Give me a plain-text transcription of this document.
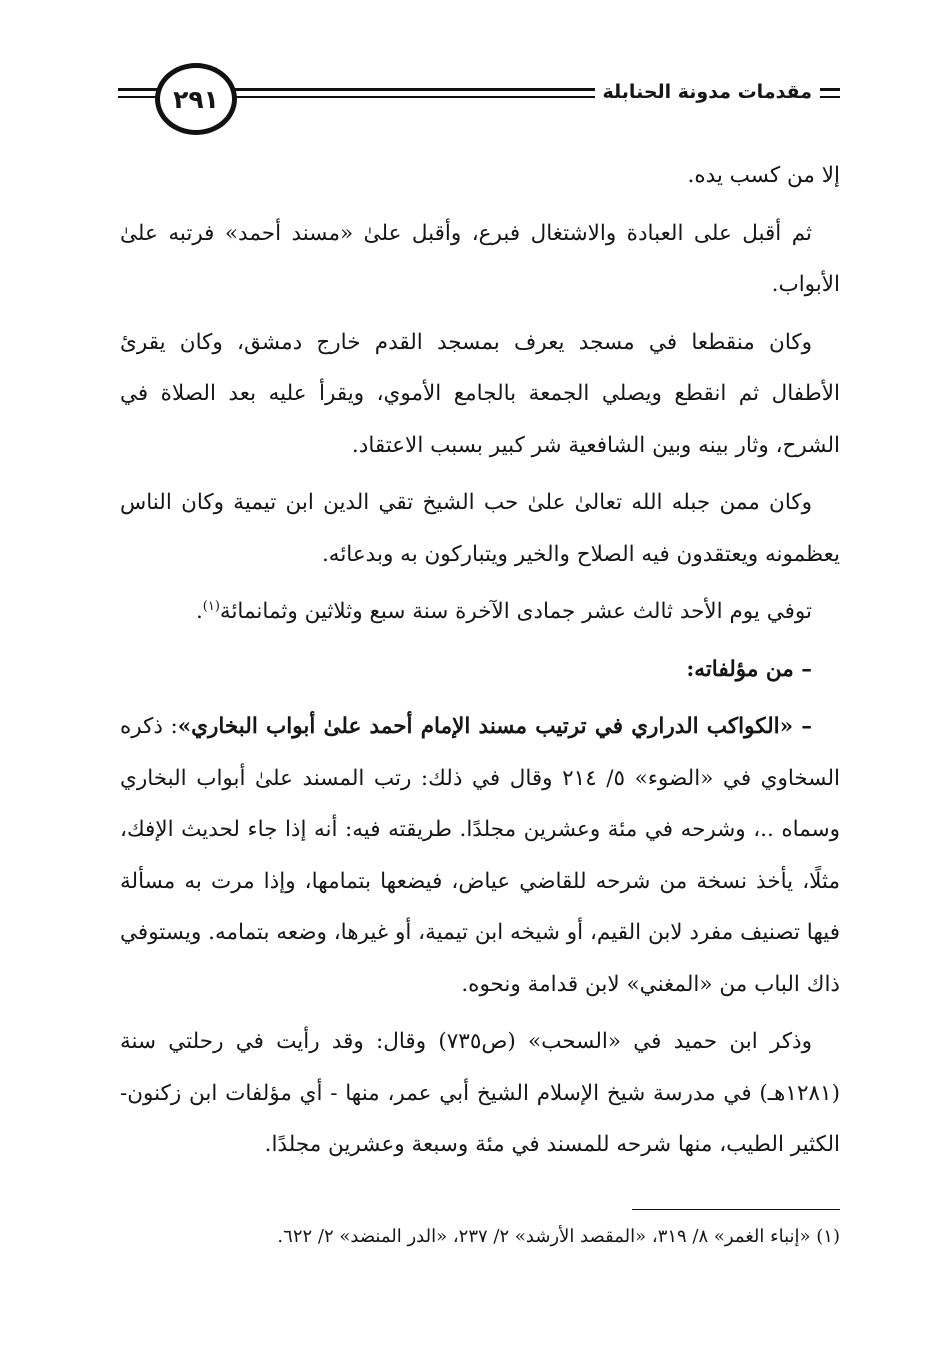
٢٩١	مقدمات مدونة الحنابلة

إلا من كسب يده.

ثم أقبل على العبادة والاشتغال فبرع، وأقبل علىٰ «مسند أحمد» فرتبه علىٰ الأبواب.

وكان منقطعا في مسجد يعرف بمسجد القدم خارج دمشق، وكان يقرئ الأطفال ثم انقطع ويصلي الجمعة بالجامع الأموي، ويقرأ عليه بعد الصلاة في الشرح، وثار بينه وبين الشافعية شر كبير بسبب الاعتقاد.

وكان ممن جبله الله تعالىٰ علىٰ حب الشيخ تقي الدين ابن تيمية وكان الناس يعظمونه ويعتقدون فيه الصلاح والخير ويتباركون به وبدعائه.

توفي يوم الأحد ثالث عشر جمادى الآخرة سنة سبع وثلاثين وثمانمائة$^{(١)}$.

– من مؤلفاته:

– «الكواكب الدراري في ترتيب مسند الإمام أحمد علىٰ أبواب البخاري»: ذكره السخاوي في «الضوء» ٥/ ٢١٤ وقال في ذلك: رتب المسند علىٰ أبواب البخاري وسماه ..، وشرحه في مئة وعشرين مجلدًا. طريقته فيه: أنه إذا جاء لحديث الإفك، مثلًا، يأخذ نسخة من شرحه للقاضي عياض، فيضعها بتمامها، وإذا مرت به مسألة فيها تصنيف مفرد لابن القيم، أو شيخه ابن تيمية، أو غيرها، وضعه بتمامه. ويستوفي ذاك الباب من «المغني» لابن قدامة ونحوه.

وذكر ابن حميد في «السحب» (ص٧٣٥) وقال: وقد رأيت في رحلتي سنة (١٢٨١هـ) في مدرسة شيخ الإسلام الشيخ أبي عمر، منها - أي مؤلفات ابن زكنون- الكثير الطيب، منها شرحه للمسند في مئة وسبعة وعشرين مجلدًا.

(١) «إنباء الغمر» ٨/ ٣١٩، «المقصد الأرشد» ٢/ ٢٣٧، «الدر المنضد» ٢/ ٦٢٢.
